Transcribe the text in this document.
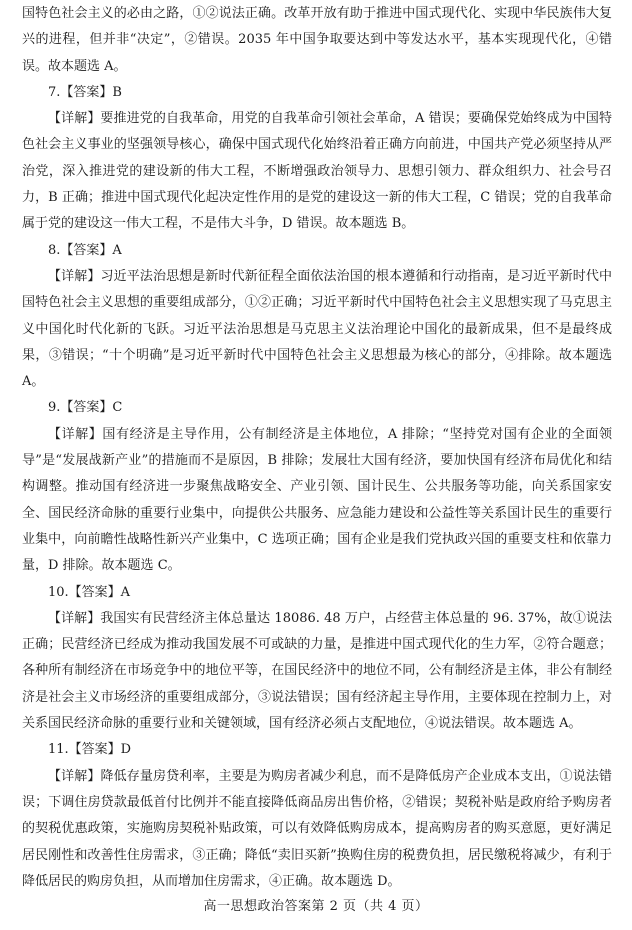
国特色社会主义的必由之路，①②说法正确。改革开放有助于推进中国式现代化、实现中华民族伟大复兴的进程，但并非“决定”，②错误。2035 年中国争取要达到中等发达水平，基本实现现代化，④错误。故本题选 A。

7.【答案】B

【详解】要推进党的自我革命，用党的自我革命引领社会革命，A 错误；要确保党始终成为中国特色社会主义事业的坚强领导核心，确保中国式现代化始终沿着正确方向前进，中国共产党必须坚持从严治党，深入推进党的建设新的伟大工程，不断增强政治领导力、思想引领力、群众组织力、社会号召力，B 正确；推进中国式现代化起决定性作用的是党的建设这一新的伟大工程，C 错误；党的自我革命属于党的建设这一伟大工程，不是伟大斗争，D 错误。故本题选 B。

8.【答案】A

【详解】习近平法治思想是新时代新征程全面依法治国的根本遵循和行动指南，是习近平新时代中国特色社会主义思想的重要组成部分，①②正确；习近平新时代中国特色社会主义思想实现了马克思主义中国化时代化新的飞跃。习近平法治思想是马克思主义法治理论中国化的最新成果，但不是最终成果，③错误；“十个明确”是习近平新时代中国特色社会主义思想最为核心的部分，④排除。故本题选 A。

9.【答案】C

【详解】国有经济是主导作用，公有制经济是主体地位，A 排除；“坚持党对国有企业的全面领导”是“发展战新产业”的措施而不是原因，B 排除；发展壮大国有经济，要加快国有经济布局优化和结构调整。推动国有经济进一步聚焦战略安全、产业引领、国计民生、公共服务等功能，向关系国家安全、国民经济命脉的重要行业集中，向提供公共服务、应急能力建设和公益性等关系国计民生的重要行业集中，向前瞻性战略性新兴产业集中，C 选项正确；国有企业是我们党执政兴国的重要支柱和依靠力量，D 排除。故本题选 C。

10.【答案】A

【详解】我国实有民营经济主体总量达 18086. 48 万户，占经营主体总量的 96. 37%，故①说法正确；民营经济已经成为推动我国发展不可或缺的力量，是推进中国式现代化的生力军，②符合题意；各种所有制经济在市场竞争中的地位平等，在国民经济中的地位不同，公有制经济是主体，非公有制经济是社会主义市场经济的重要组成部分，③说法错误；国有经济起主导作用，主要体现在控制力上，对关系国民经济命脉的重要行业和关键领域，国有经济必须占支配地位，④说法错误。故本题选 A。

11.【答案】D

【详解】降低存量房贷利率，主要是为购房者减少利息，而不是降低房产企业成本支出，①说法错误；下调住房贷款最低首付比例并不能直接降低商品房出售价格，②错误；契税补贴是政府给予购房者的契税优惠政策，实施购房契税补贴政策，可以有效降低购房成本，提高购房者的购买意愿，更好满足居民刚性和改善性住房需求，③正确；降低“卖旧买新”换购住房的税费负担，居民缴税将减少，有利于降低居民的购房负担，从而增加住房需求，④正确。故本题选 D。

高一思想政治答案第 2 页（共 4 页）
